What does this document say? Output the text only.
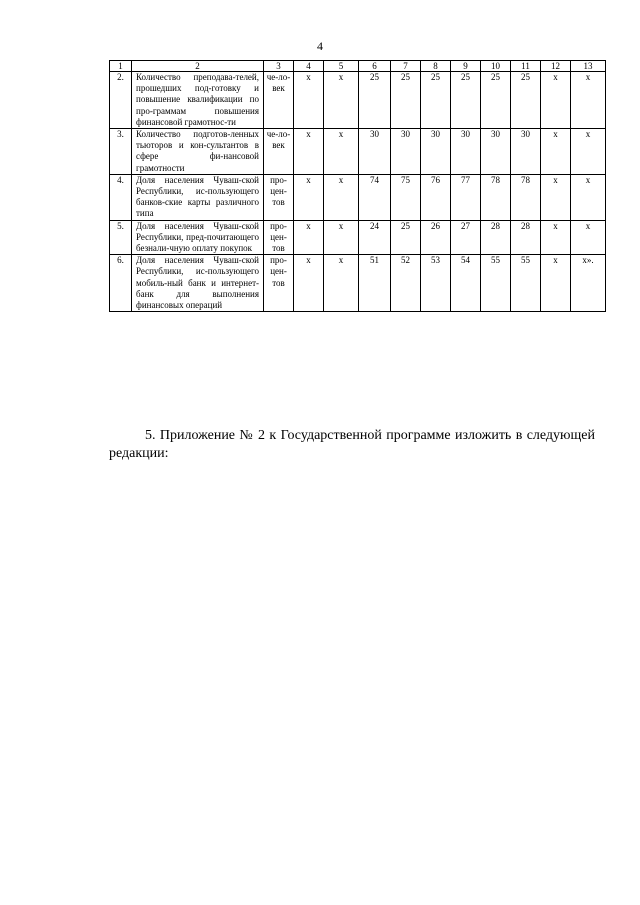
4
1	2	3	4	5	6	7	8	9	10	11	12	13
2.	Количество преподава-телей, прошедших под-готовку и повышение квалификации по про-граммам повышения финансовой грамотнос-ти	че-ло-век	x	x	25	25	25	25	25	25	x	x
3.	Количество подготов-ленных тьюторов и кон-сультантов в сфере фи-нансовой грамотности	че-ло-век	x	x	30	30	30	30	30	30	x	x
4.	Доля населения Чуваш-ской Республики, ис-пользующего банков-ские карты различного типа	про-цен-тов	x	x	74	75	76	77	78	78	x	x
5.	Доля населения Чуваш-ской Республики, пред-почитающего безнали-чную оплату покупок	про-цен-тов	x	x	24	25	26	27	28	28	x	x
6.	Доля населения Чуваш-ской Республики, ис-пользующего мобиль-ный банк и интернет-банк для выполнения финансовых операций	про-цен-тов	x	x	51	52	53	54	55	55	x	x».

5. Приложение № 2 к Государственной программе изложить в следующей редакции:
